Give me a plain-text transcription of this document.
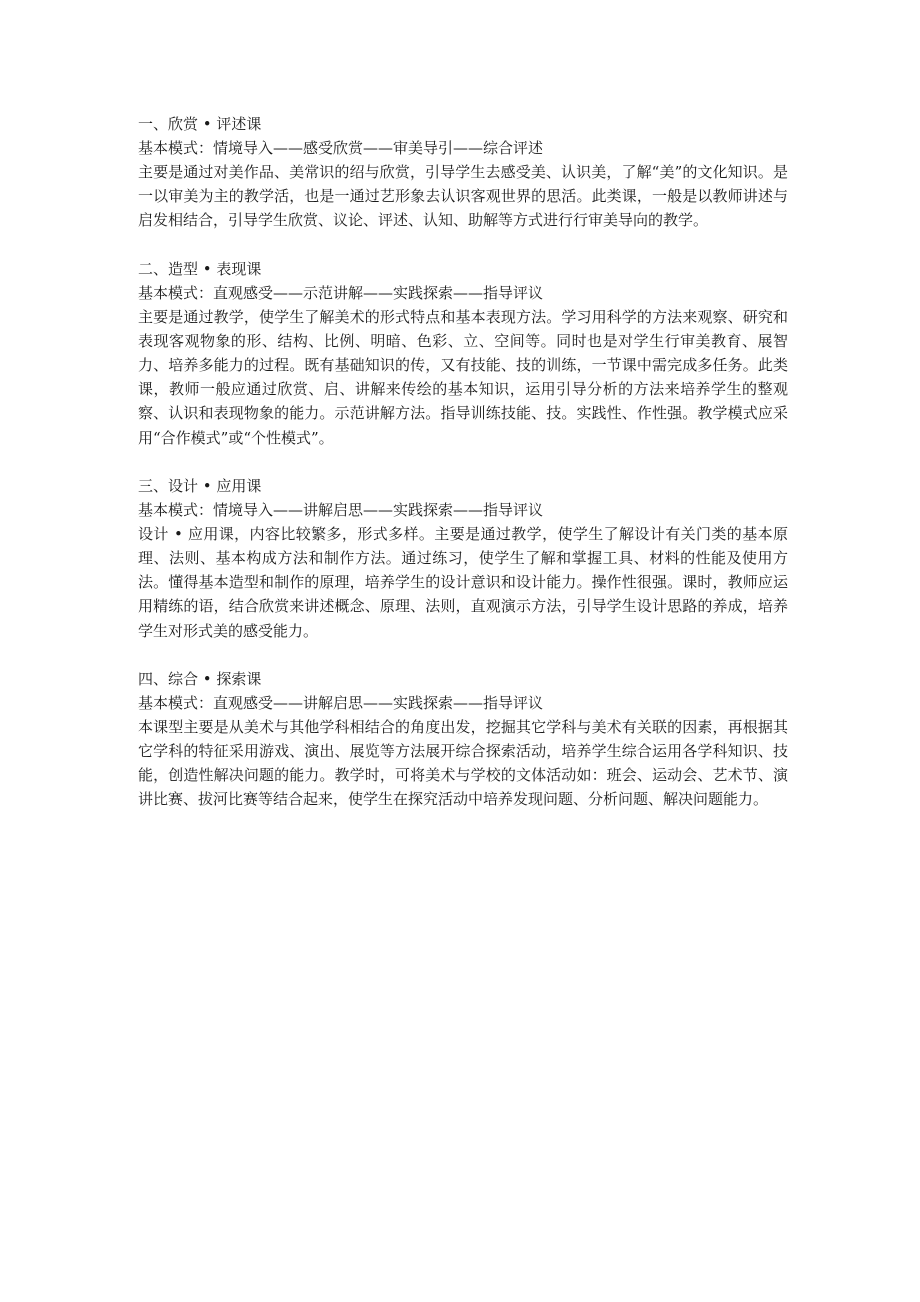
一、欣赏 • 评述课
基本模式：情境导入——感受欣赏——审美导引——综合评述
主要是通过对美作品、美常识的绍与欣赏，引导学生去感受美、认识美，了解“美”的文化知识。是一以审美为主的教学活，也是一通过艺形象去认识客观世界的思活。此类课，一般是以教师讲述与启发相结合，引导学生欣赏、议论、评述、认知、助解等方式进行行审美导向的教学。
二、造型 • 表现课
基本模式：直观感受——示范讲解——实践探索——指导评议
主要是通过教学，使学生了解美术的形式特点和基本表现方法。学习用科学的方法来观察、研究和表现客观物象的形、结构、比例、明暗、色彩、立、空间等。同时也是对学生行审美教育、展智力、培养多能力的过程。既有基础知识的传，又有技能、技的训练，一节课中需完成多任务。此类课，教师一般应通过欣赏、启、讲解来传绘的基本知识，运用引导分析的方法来培养学生的整观察、认识和表现物象的能力。示范讲解方法。指导训练技能、技。实践性、作性强。教学模式应采用“合作模式”或“个性模式”。
三、设计 • 应用课
基本模式：情境导入——讲解启思——实践探索——指导评议
设计 • 应用课，内容比较繁多，形式多样。主要是通过教学，使学生了解设计有关门类的基本原理、法则、基本构成方法和制作方法。通过练习，使学生了解和掌握工具、材料的性能及使用方法。懂得基本造型和制作的原理，培养学生的设计意识和设计能力。操作性很强。课时，教师应运用精练的语，结合欣赏来讲述概念、原理、法则，直观演示方法，引导学生设计思路的养成，培养学生对形式美的感受能力。
四、综合 • 探索课
基本模式：直观感受——讲解启思——实践探索——指导评议
本课型主要是从美术与其他学科相结合的角度出发，挖掘其它学科与美术有关联的因素，再根据其它学科的特征采用游戏、演出、展览等方法展开综合探索活动，培养学生综合运用各学科知识、技能，创造性解决问题的能力。教学时，可将美术与学校的文体活动如：班会、运动会、艺术节、演讲比赛、拔河比赛等结合起来，使学生在探究活动中培养发现问题、分析问题、解决问题能力。
